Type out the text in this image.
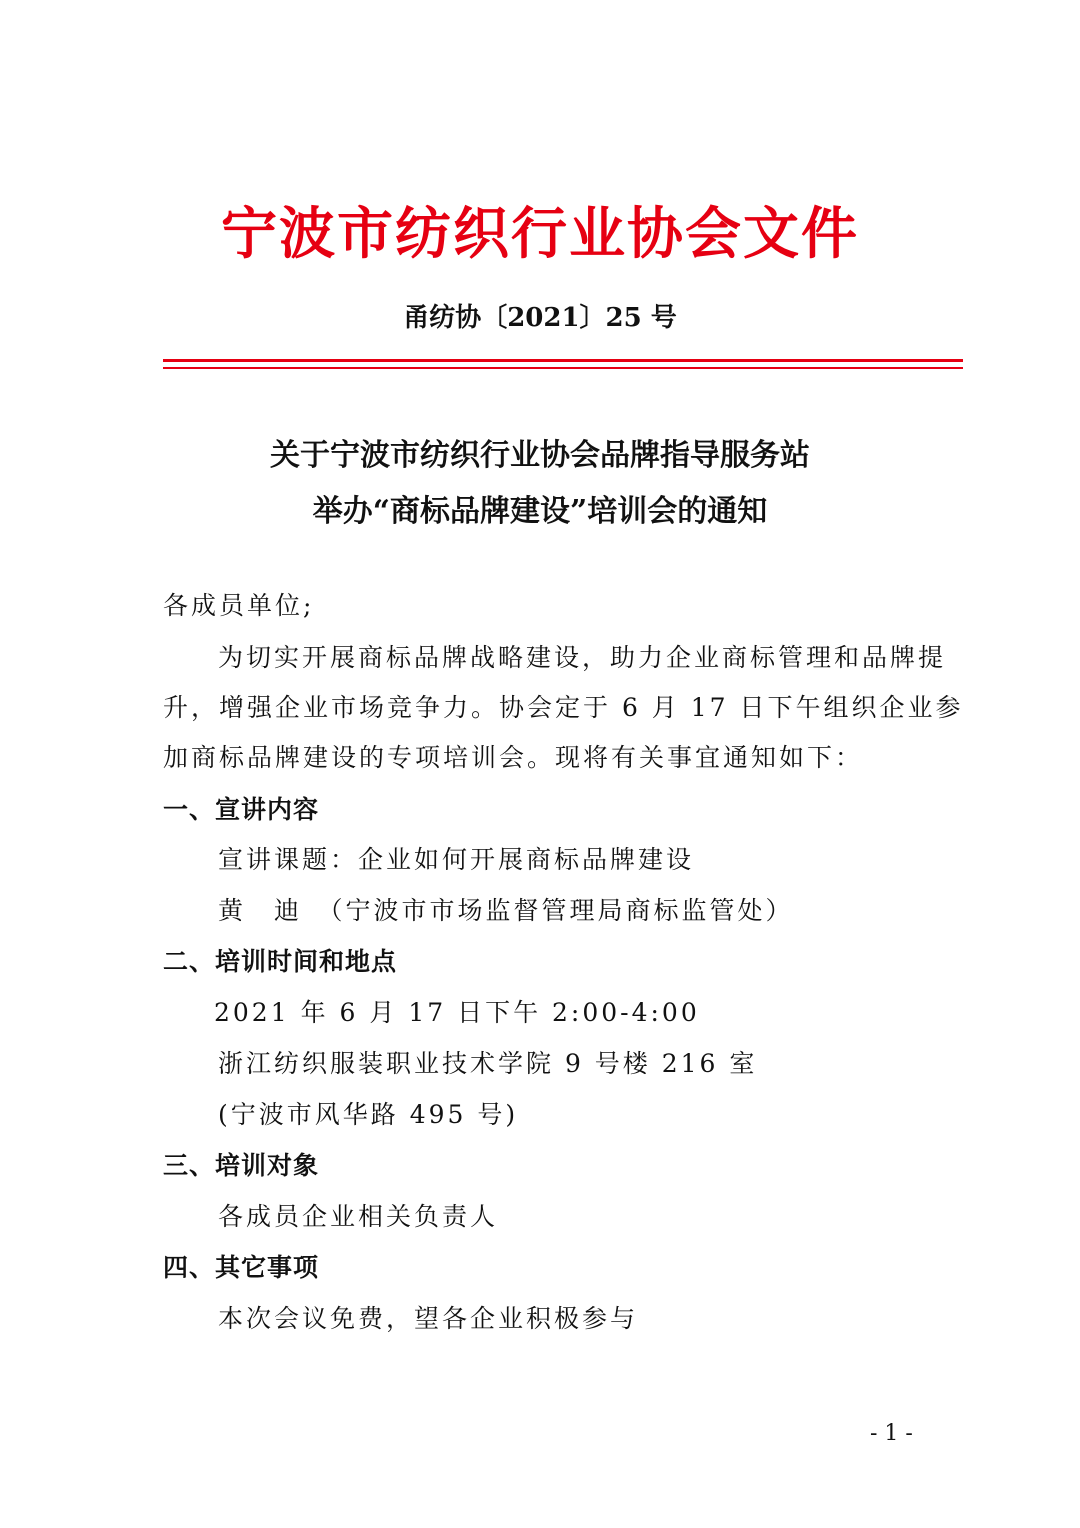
宁波市纺织行业协会文件
甬纺协〔2021〕25 号
关于宁波市纺织行业协会品牌指导服务站
举办“商标品牌建设”培训会的通知
各成员单位;
为切实开展商标品牌战略建设，助力企业商标管理和品牌提
升，增强企业市场竞争力。协会定于 6 月 17 日下午组织企业参
加商标品牌建设的专项培训会。现将有关事宜通知如下：
一、宣讲内容
宣讲课题：企业如何开展商标品牌建设
黄　迪　（宁波市市场监督管理局商标监管处）
二、培训时间和地点
2021 年 6 月 17 日下午 2:00-4:00
浙江纺织服装职业技术学院 9 号楼 216 室
(宁波市风华路 495 号)
三、培训对象
各成员企业相关负责人
四、其它事项
本次会议免费，望各企业积极参与
- 1 -
